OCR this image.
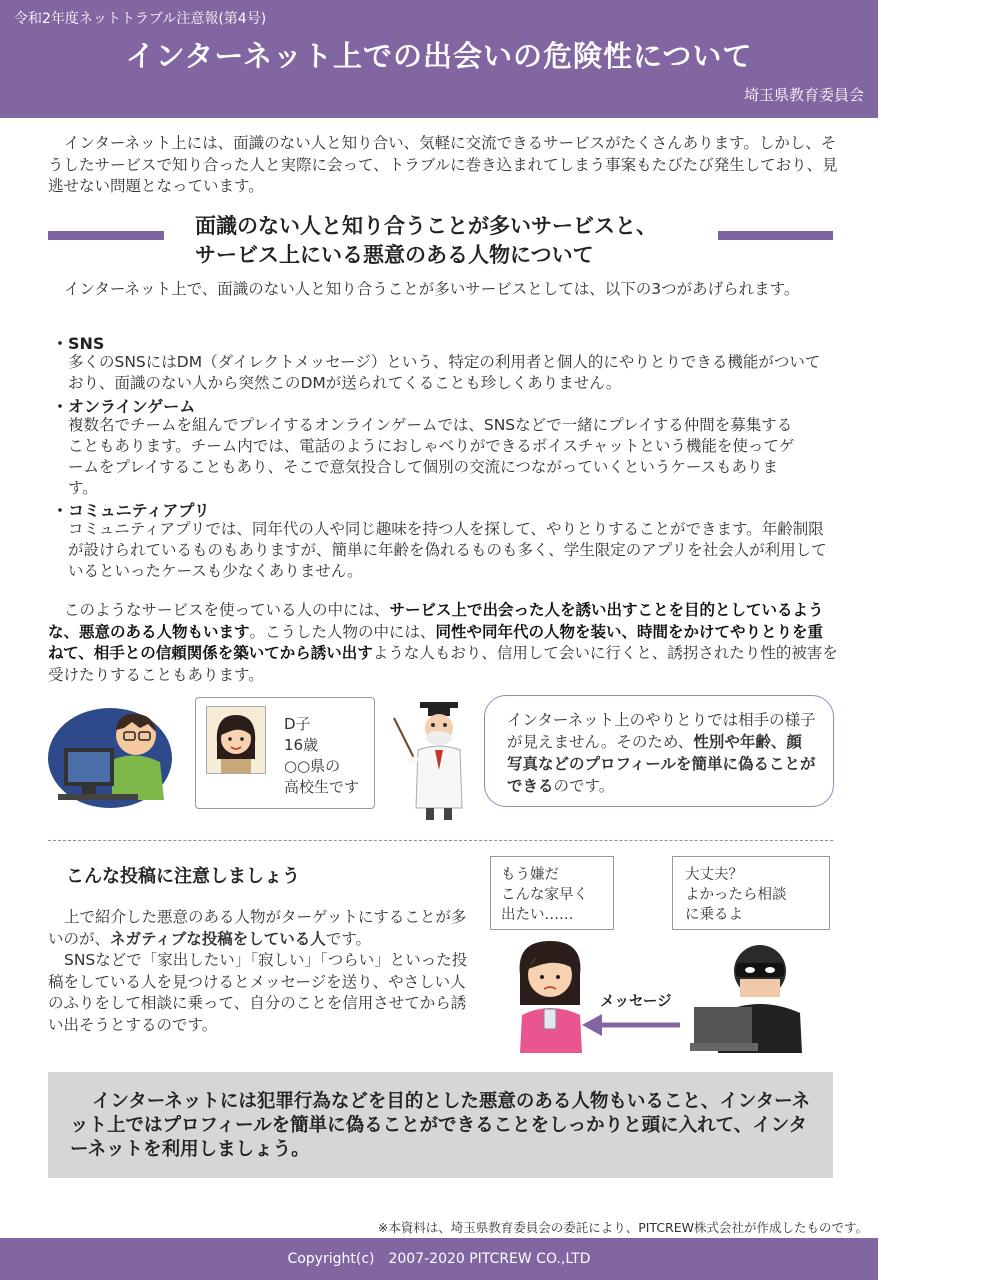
令和2年度ネットトラブル注意報(第4号)
インターネット上での出会いの危険性について
埼玉県教育委員会
インターネット上には、面識のない人と知り合い、気軽に交流できるサービスがたくさんあります。しかし、そうしたサービスで知り合った人と実際に会って、トラブルに巻き込まれてしまう事案もたびたび発生しており、見逃せない問題となっています。
面識のない人と知り合うことが多いサービスと、
サービス上にいる悪意のある人物について
インターネット上で、面識のない人と知り合うことが多いサービスとしては、以下の3つがあげられます。
・SNS
多くのSNSにはDM（ダイレクトメッセージ）という、特定の利用者と個人的にやりとりできる機能がついており、面識のない人から突然このDMが送られてくることも珍しくありません。
・オンラインゲーム
複数名でチームを組んでプレイするオンラインゲームでは、SNSなどで一緒にプレイする仲間を募集することもあります。チーム内では、電話のようにおしゃべりができるボイスチャットという機能を使ってゲームをプレイすることもあり、そこで意気投合して個別の交流につながっていくというケースもあります。
・コミュニティアプリ
コミュニティアプリでは、同年代の人や同じ趣味を持つ人を探して、やりとりすることができます。年齢制限が設けられているものもありますが、簡単に年齢を偽れるものも多く、学生限定のアプリを社会人が利用しているといったケースも少なくありません。
このようなサービスを使っている人の中には、サービス上で出会った人を誘い出すことを目的としているような、悪意のある人物もいます。こうした人物の中には、同性や同年代の人物を装い、時間をかけてやりとりを重ねて、相手との信頼関係を築いてから誘い出すような人もおり、信用して会いに行くと、誘拐されたり性的被害を受けたりすることもあります。
D子
16歳
○○県の
高校生です
インターネット上のやりとりでは相手の様子が見えません。そのため、性別や年齢、顔写真などのプロフィールを簡単に偽ることができるのです。
こんな投稿に注意しましょう
上で紹介した悪意のある人物がターゲットにすることが多いのが、ネガティブな投稿をしている人です。
SNSなどで「家出したい」「寂しい」「つらい」といった投稿をしている人を見つけるとメッセージを送り、やさしい人のふりをして相談に乗って、自分のことを信用させてから誘い出そうとするのです。
もう嫌だ
こんな家早く
出たい……
大丈夫？
よかったら相談
に乗るよ
メッセージ
インターネットには犯罪行為などを目的とした悪意のある人物もいること、インターネット上ではプロフィールを簡単に偽ることができることをしっかりと頭に入れて、インターネットを利用しましょう。
※本資料は、埼玉県教育委員会の委託により、PITCREW株式会社が作成したものです。
Copyright(c)　2007-2020 PITCREW CO.,LTD
